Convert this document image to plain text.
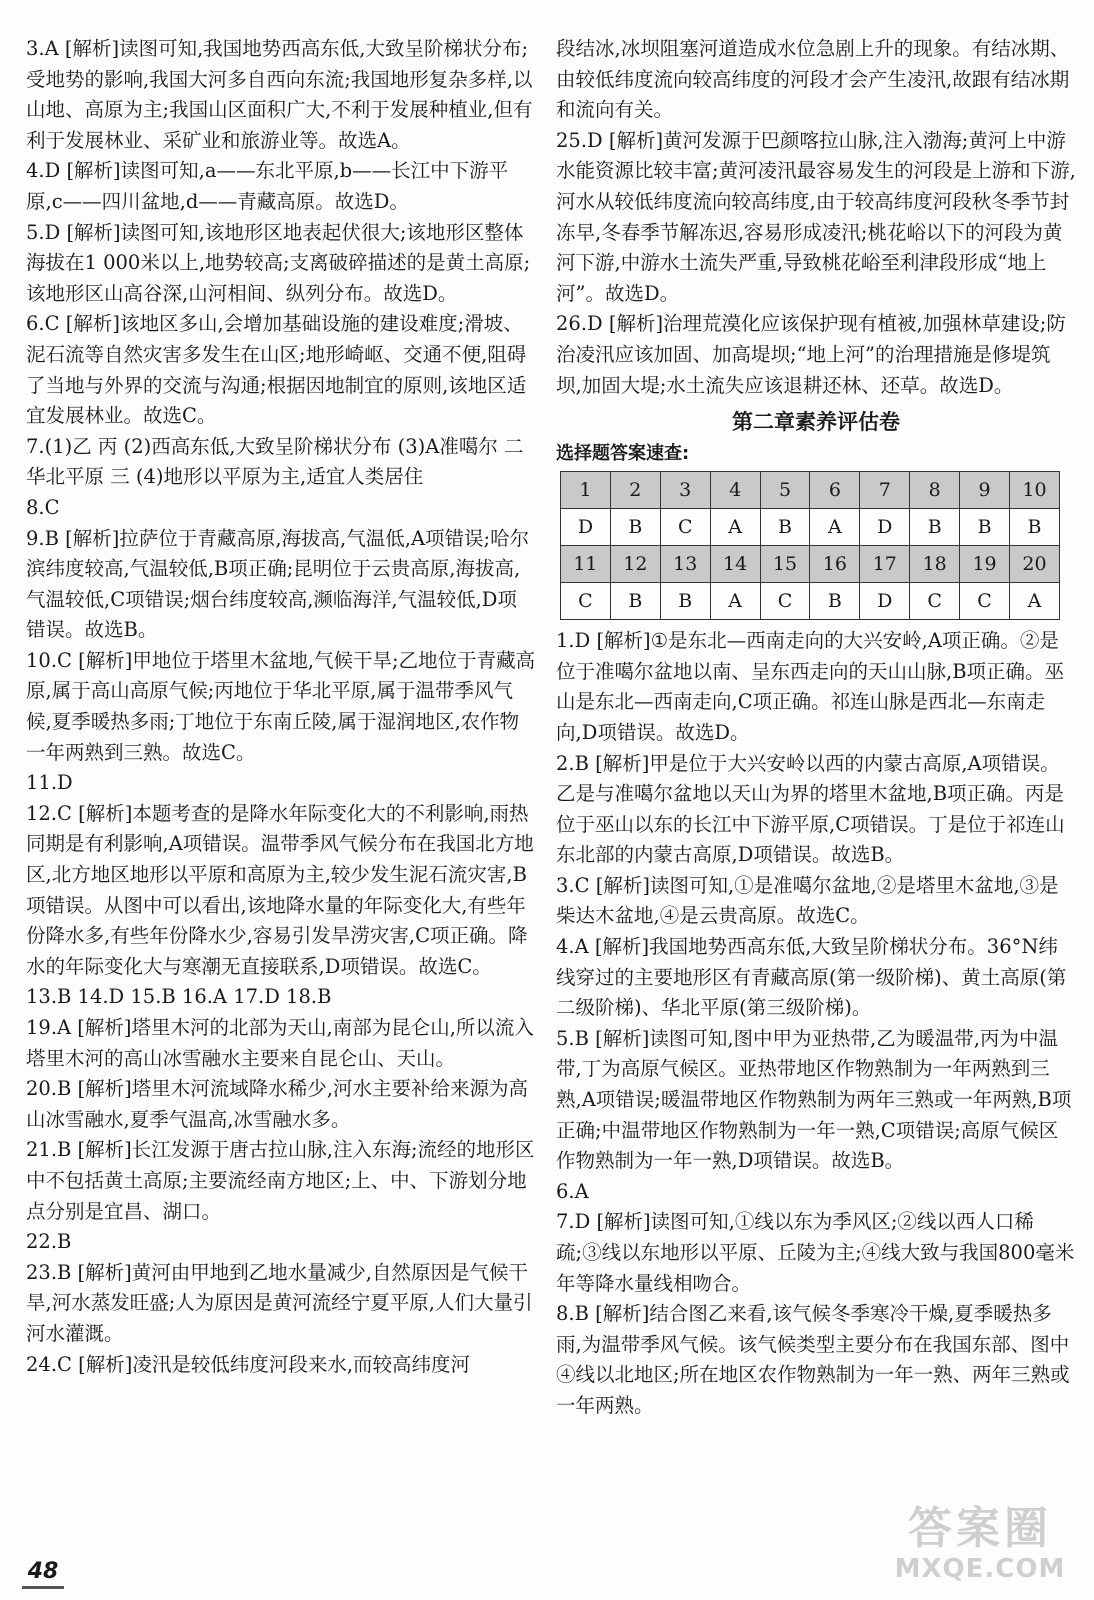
3.A [解析]读图可知,我国地势西高东低,大致呈阶梯状分布;受地势的影响,我国大河多自西向东流;我国地形复杂多样,以山地、高原为主;我国山区面积广大,不利于发展种植业,但有利于发展林业、采矿业和旅游业等。故选A。

4.D [解析]读图可知,a——东北平原,b——长江中下游平原,c——四川盆地,d——青藏高原。故选D。

5.D [解析]读图可知,该地形区地表起伏很大;该地形区整体海拔在1 000米以上,地势较高;支离破碎描述的是黄土高原;该地形区山高谷深,山河相间、纵列分布。故选D。

6.C [解析]该地区多山,会增加基础设施的建设难度;滑坡、泥石流等自然灾害多发生在山区;地形崎岖、交通不便,阻碍了当地与外界的交流与沟通;根据因地制宜的原则,该地区适宜发展林业。故选C。

7.(1)乙 丙 (2)西高东低,大致呈阶梯状分布 (3)A准噶尔 二 华北平原 三 (4)地形以平原为主,适宜人类居住

8.C

9.B [解析]拉萨位于青藏高原,海拔高,气温低,A项错误;哈尔滨纬度较高,气温较低,B项正确;昆明位于云贵高原,海拔高,气温较低,C项错误;烟台纬度较高,濒临海洋,气温较低,D项错误。故选B。

10.C [解析]甲地位于塔里木盆地,气候干旱;乙地位于青藏高原,属于高山高原气候;丙地位于华北平原,属于温带季风气候,夏季暖热多雨;丁地位于东南丘陵,属于湿润地区,农作物一年两熟到三熟。故选C。

11.D

12.C [解析]本题考查的是降水年际变化大的不利影响,雨热同期是有利影响,A项错误。温带季风气候分布在我国北方地区,北方地区地形以平原和高原为主,较少发生泥石流灾害,B项错误。从图中可以看出,该地降水量的年际变化大,有些年份降水多,有些年份降水少,容易引发旱涝灾害,C项正确。降水的年际变化大与寒潮无直接联系,D项错误。故选C。

13.B 14.D 15.B 16.A 17.D 18.B

19.A [解析]塔里木河的北部为天山,南部为昆仑山,所以流入塔里木河的高山冰雪融水主要来自昆仑山、天山。

20.B [解析]塔里木河流域降水稀少,河水主要补给来源为高山冰雪融水,夏季气温高,冰雪融水多。

21.B [解析]长江发源于唐古拉山脉,注入东海;流经的地形区中不包括黄土高原;主要流经南方地区;上、中、下游划分地点分别是宜昌、湖口。

22.B

23.B [解析]黄河由甲地到乙地水量减少,自然原因是气候干旱,河水蒸发旺盛;人为原因是黄河流经宁夏平原,人们大量引河水灌溉。

24.C [解析]凌汛是较低纬度河段来水,而较高纬度河

段结冰,冰坝阻塞河道造成水位急剧上升的现象。有结冰期、由较低纬度流向较高纬度的河段才会产生凌汛,故跟有结冰期和流向有关。

25.D [解析]黄河发源于巴颜喀拉山脉,注入渤海;黄河上中游水能资源比较丰富;黄河凌汛最容易发生的河段是上游和下游,河水从较低纬度流向较高纬度,由于较高纬度河段秋冬季节封冻早,冬春季节解冻迟,容易形成凌汛;桃花峪以下的河段为黄河下游,中游水土流失严重,导致桃花峪至利津段形成“地上河”。故选D。

26.D [解析]治理荒漠化应该保护现有植被,加强林草建设;防治凌汛应该加固、加高堤坝;“地上河”的治理措施是修堤筑坝,加固大堤;水土流失应该退耕还林、还草。故选D。

第二章素养评估卷
选择题答案速查:
1	2	3	4	5	6	7	8	9	10
D	B	C	A	B	A	D	B	B	B
11	12	13	14	15	16	17	18	19	20
C	B	B	A	C	B	D	C	C	A

1.D [解析]①是东北—西南走向的大兴安岭,A项正确。②是位于准噶尔盆地以南、呈东西走向的天山山脉,B项正确。巫山是东北—西南走向,C项正确。祁连山脉是西北—东南走向,D项错误。故选D。

2.B [解析]甲是位于大兴安岭以西的内蒙古高原,A项错误。乙是与准噶尔盆地以天山为界的塔里木盆地,B项正确。丙是位于巫山以东的长江中下游平原,C项错误。丁是位于祁连山东北部的内蒙古高原,D项错误。故选B。

3.C [解析]读图可知,①是准噶尔盆地,②是塔里木盆地,③是柴达木盆地,④是云贵高原。故选C。

4.A [解析]我国地势西高东低,大致呈阶梯状分布。36°N纬线穿过的主要地形区有青藏高原(第一级阶梯)、黄土高原(第二级阶梯)、华北平原(第三级阶梯)。

5.B [解析]读图可知,图中甲为亚热带,乙为暖温带,丙为中温带,丁为高原气候区。亚热带地区作物熟制为一年两熟到三熟,A项错误;暖温带地区作物熟制为两年三熟或一年两熟,B项正确;中温带地区作物熟制为一年一熟,C项错误;高原气候区作物熟制为一年一熟,D项错误。故选B。

6.A

7.D [解析]读图可知,①线以东为季风区;②线以西人口稀疏;③线以东地形以平原、丘陵为主;④线大致与我国800毫米年等降水量线相吻合。

8.B [解析]结合图乙来看,该气候冬季寒冷干燥,夏季暖热多雨,为温带季风气候。该气候类型主要分布在我国东部、图中④线以北地区;所在地区农作物熟制为一年一熟、两年三熟或一年两熟。

48
答案圈
MXQE.COM
